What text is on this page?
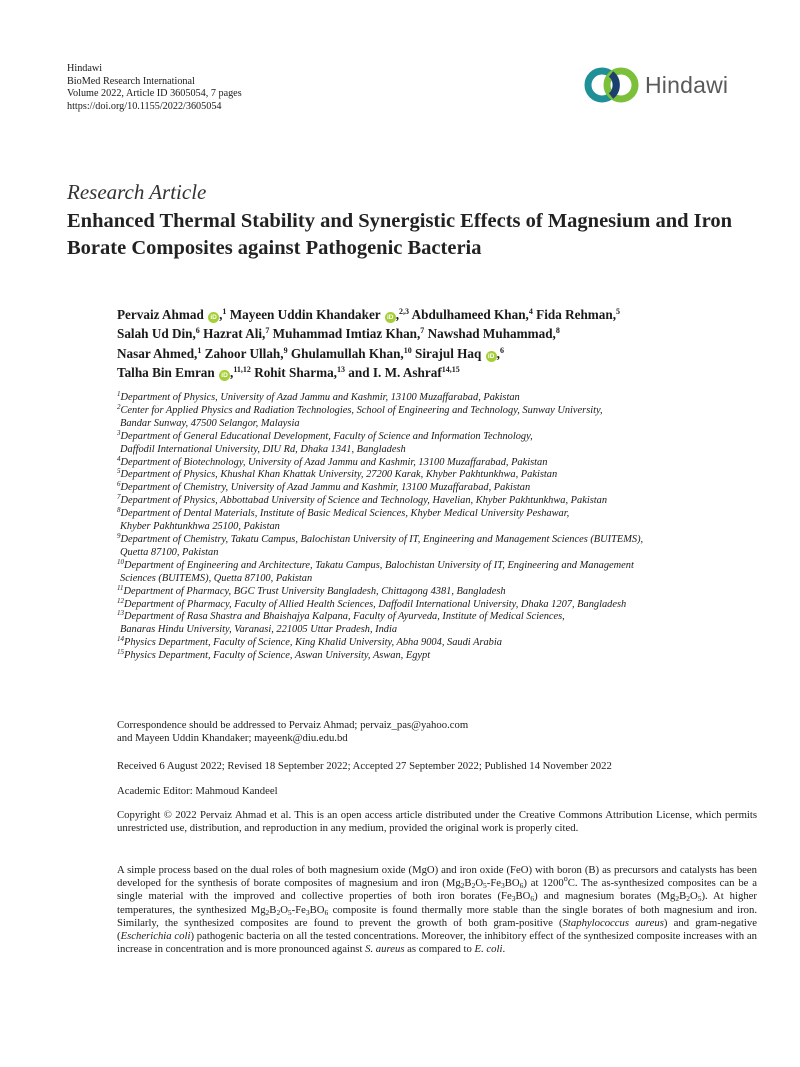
Hindawi
BioMed Research International
Volume 2022, Article ID 3605054, 7 pages
https://doi.org/10.1155/2022/3605054
Hindawi
Research Article
Enhanced Thermal Stability and Synergistic Effects of Magnesium and Iron Borate Composites against Pathogenic Bacteria
Pervaiz Ahmad iD ,$^1$ Mayeen Uddin Khandaker iD ,$^{2,3}$ Abdulhameed Khan,$^4$ Fida Rehman,$^5$
Salah Ud Din,$^6$ Hazrat Ali,$^7$ Muhammad Imtiaz Khan,$^7$ Nawshad Muhammad,$^8$
Nasar Ahmed,$^1$ Zahoor Ullah,$^9$ Ghulamullah Khan,$^{10}$ Sirajul Haq iD ,$^6$
Talha Bin Emran iD ,$^{11,12}$ Rohit Sharma,$^{13}$ and I. M. Ashraf$^{14,15}$
$^1$Department of Physics, University of Azad Jammu and Kashmir, 13100 Muzaffarabad, Pakistan
$^2$Center for Applied Physics and Radiation Technologies, School of Engineering and Technology, Sunway University,
Bandar Sunway, 47500 Selangor, Malaysia
$^3$Department of General Educational Development, Faculty of Science and Information Technology,
Daffodil International University, DIU Rd, Dhaka 1341, Bangladesh
$^4$Department of Biotechnology, University of Azad Jammu and Kashmir, 13100 Muzaffarabad, Pakistan
$^5$Department of Physics, Khushal Khan Khattak University, 27200 Karak, Khyber Pakhtunkhwa, Pakistan
$^6$Department of Chemistry, University of Azad Jammu and Kashmir, 13100 Muzaffarabad, Pakistan
$^7$Department of Physics, Abbottabad University of Science and Technology, Havelian, Khyber Pakhtunkhwa, Pakistan
$^8$Department of Dental Materials, Institute of Basic Medical Sciences, Khyber Medical University Peshawar,
Khyber Pakhtunkhwa 25100, Pakistan
$^9$Department of Chemistry, Takatu Campus, Balochistan University of IT, Engineering and Management Sciences (BUITEMS),
Quetta 87100, Pakistan
$^{10}$Department of Engineering and Architecture, Takatu Campus, Balochistan University of IT, Engineering and Management
Sciences (BUITEMS), Quetta 87100, Pakistan
$^{11}$Department of Pharmacy, BGC Trust University Bangladesh, Chittagong 4381, Bangladesh
$^{12}$Department of Pharmacy, Faculty of Allied Health Sciences, Daffodil International University, Dhaka 1207, Bangladesh
$^{13}$Department of Rasa Shastra and Bhaishajya Kalpana, Faculty of Ayurveda, Institute of Medical Sciences,
Banaras Hindu University, Varanasi, 221005 Uttar Pradesh, India
$^{14}$Physics Department, Faculty of Science, King Khalid University, Abha 9004, Saudi Arabia
$^{15}$Physics Department, Faculty of Science, Aswan University, Aswan, Egypt
Correspondence should be addressed to Pervaiz Ahmad; pervaiz_pas@yahoo.com
and Mayeen Uddin Khandaker; mayeenk@diu.edu.bd
Received 6 August 2022; Revised 18 September 2022; Accepted 27 September 2022; Published 14 November 2022
Academic Editor: Mahmoud Kandeel
Copyright © 2022 Pervaiz Ahmad et al. This is an open access article distributed under the Creative Commons Attribution License, which permits unrestricted use, distribution, and reproduction in any medium, provided the original work is properly cited.
A simple process based on the dual roles of both magnesium oxide (MgO) and iron oxide (FeO) with boron (B) as precursors and catalysts has been developed for the synthesis of borate composites of magnesium and iron $(Mg_2B_2O_5-Fe_3BO_6)$ at 1200$^o$C. The as-synthesized composites can be a single material with the improved and collective properties of both iron borates $(Fe_3BO_6)$ and magnesium borates $(Mg_2B_2O_5)$. At higher temperatures, the synthesized $Mg_2B_2O_5-Fe_3BO_6$ composite is found thermally more stable than the single borates of both magnesium and iron. Similarly, the synthesized composites are found to prevent the growth of both gram-positive (Staphylococcus aureus) and gram-negative (Escherichia coli) pathogenic bacteria on all the tested concentrations. Moreover, the inhibitory effect of the synthesized composite increases with an increase in concentration and is more pronounced against S. aureus as compared to E. coli.
